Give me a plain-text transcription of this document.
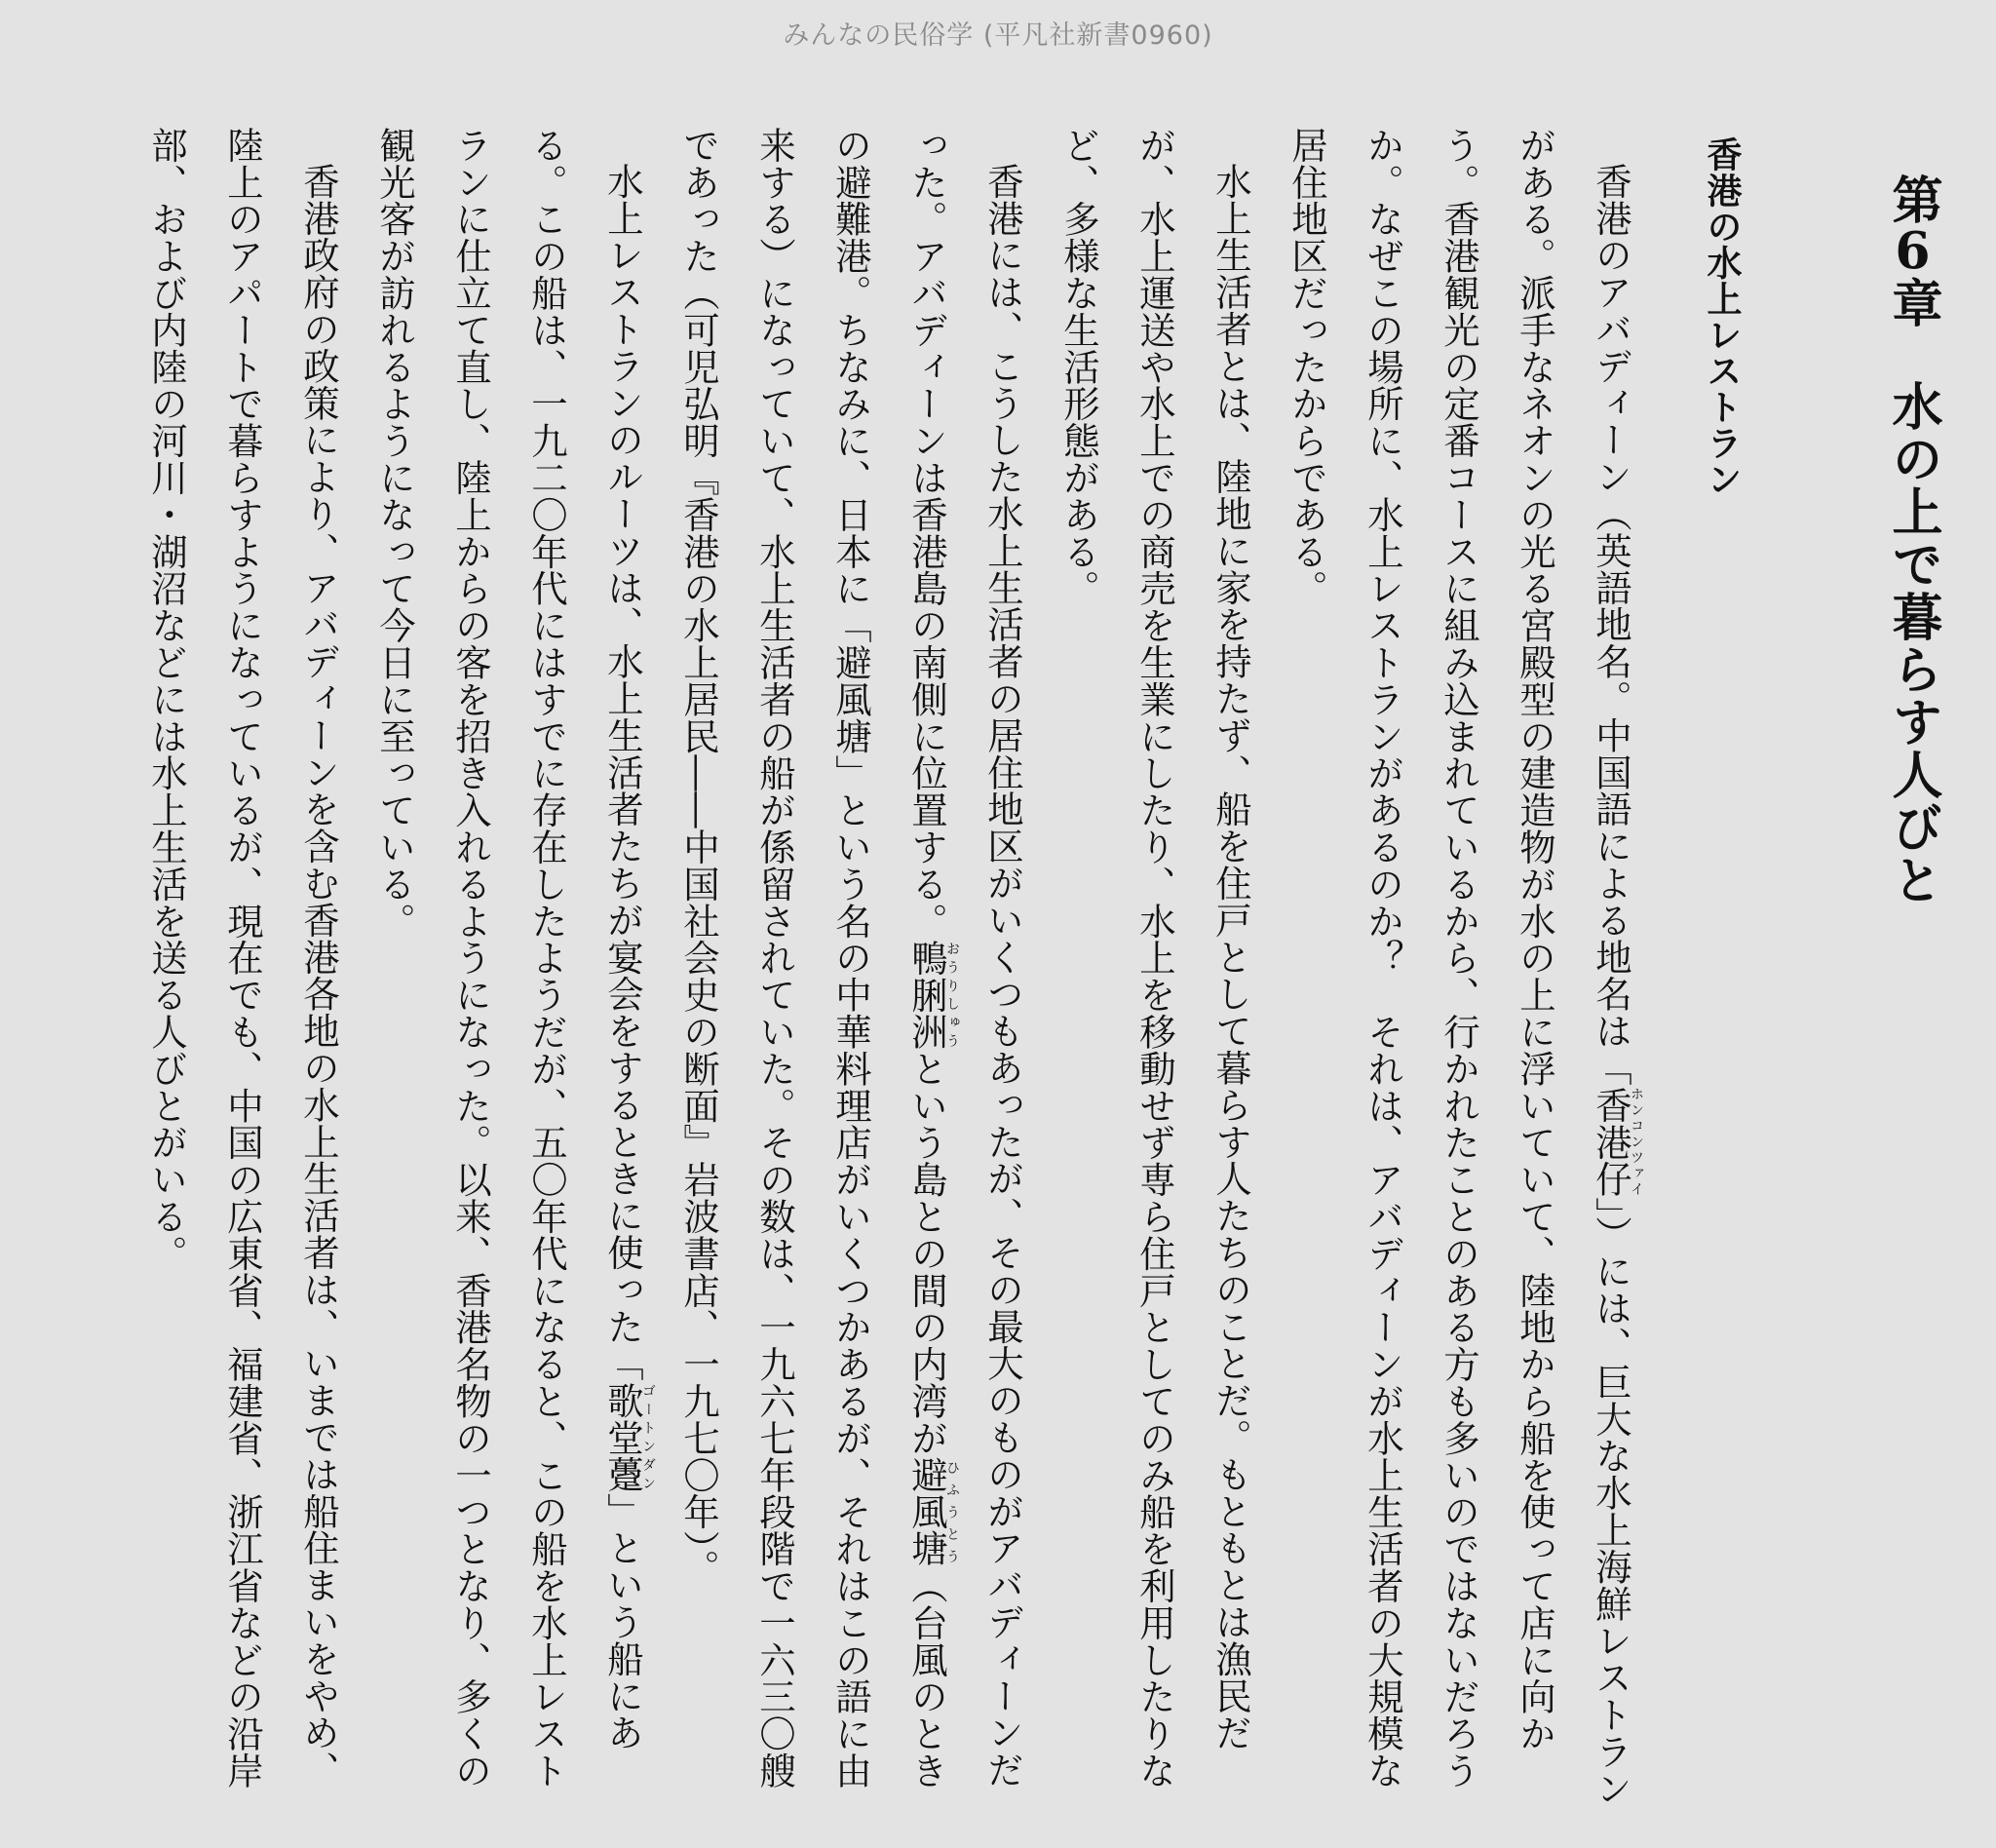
みんなの民俗学 (平凡社新書0960)
第6章水の上で暮らす人びと
香港の水上レストラン

香港のアバディーン（英語地名。中国語による地名は「香港仔ホンコンツァイ」）には、巨大な水上海鮮レストランがある。派手なネオンの光る宮殿型の建造物が水の上に浮いていて、陸地から船を使って店に向かう。香港観光の定番コースに組み込まれているから、行かれたことのある方も多いのではないだろうか。なぜこの場所に、水上レストランがあるのか？　それは、アバディーンが水上生活者の大規模な居住地区だったからである。

水上生活者とは、陸地に家を持たず、船を住戸として暮らす人たちのことだ。もともとは漁民だが、水上運送や水上での商売を生業にしたり、水上を移動せず専ら住戸としてのみ船を利用したりなど、多様な生活形態がある。

香港には、こうした水上生活者の居住地区がいくつもあったが、その最大のものがアバディーンだった。アバディーンは香港島の南側に位置する。鴨脷洲おうりしゅうという島との間の内湾が避風塘ひふうとう（台風のときの避難港。ちなみに、日本に「避風塘」という名の中華料理店がいくつかあるが、それはこの語に由来する）になっていて、水上生活者の船が係留されていた。その数は、一九六七年段階で一六三〇艘であった（可児弘明『香港の水上居民――中国社会史の断面』岩波書店、一九七〇年）。

水上レストランのルーツは、水上生活者たちが宴会をするときに使った「歌堂躉ゴートンダン」という船にある。この船は、一九二〇年代にはすでに存在したようだが、五〇年代になると、この船を水上レストランに仕立て直し、陸上からの客を招き入れるようになった。以来、香港名物の一つとなり、多くの観光客が訪れるようになって今日に至っている。

香港政府の政策により、アバディーンを含む香港各地の水上生活者は、いまでは船住まいをやめ、陸上のアパートで暮らすようになっているが、現在でも、中国の広東省、福建省、浙江省などの沿岸部、および内陸の河川・湖沼などには水上生活を送る人びとがいる。
